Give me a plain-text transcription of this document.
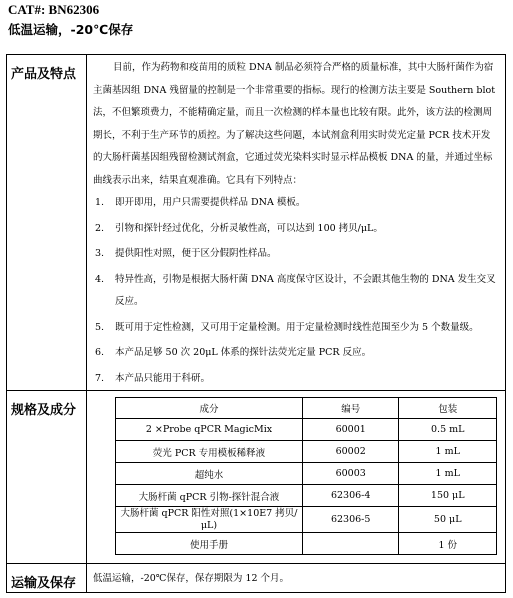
CAT#: BN62306
低温运输，-20℃保存
产品及特点	目前，作为药物和疫苗用的质粒 DNA 制品必须符合严格的质量标准，其中大肠杆菌作为宿主菌基因组 DNA 残留量的控制是一个非常重要的指标。现行的检测方法主要是 Southern blot 法，不但繁琐费力，不能精确定量，而且一次检测的样本量也比较有限。此外，该方法的检测周期长，不利于生产环节的质控。为了解决这些问题，本试剂盒利用实时荧光定量 PCR 技术开发的大肠杆菌基因组残留检测试剂盒，它通过荧光染料实时显示样品模板 DNA 的量，并通过坐标曲线表示出来，结果直观准确。它具有下列特点：

1. 即开即用，用户只需要提供样品 DNA 模板。

2. 引物和探针经过优化，分析灵敏性高，可以达到 100 拷贝/μL。

3. 提供阳性对照，便于区分假阴性样品。

4. 特异性高，引物是根据大肠杆菌 DNA 高度保守区设计，不会跟其他生物的 DNA 发生交叉反应。

5. 既可用于定性检测，又可用于定量检测。用于定量检测时线性范围至少为 5 个数量级。

6. 本产品足够 50 次 20μL 体系的探针法荧光定量 PCR 反应。

7. 本产品只能用于科研。

规格及成分		成分	编号	包装
2 ×Probe qPCR MagicMix	60001	0.5 mL
荧光 PCR 专用模板稀释液	60002	1 mL
超纯水	60003	1 mL
大肠杆菌 qPCR 引物-探针混合液	62306-4	150 μL
大肠杆菌 qPCR 阳性对照(1×10E7 拷贝/μL)	62306-5	50 μL
使用手册		1 份

运输及保存	低温运输，-20℃保存，保存期限为 12 个月。
